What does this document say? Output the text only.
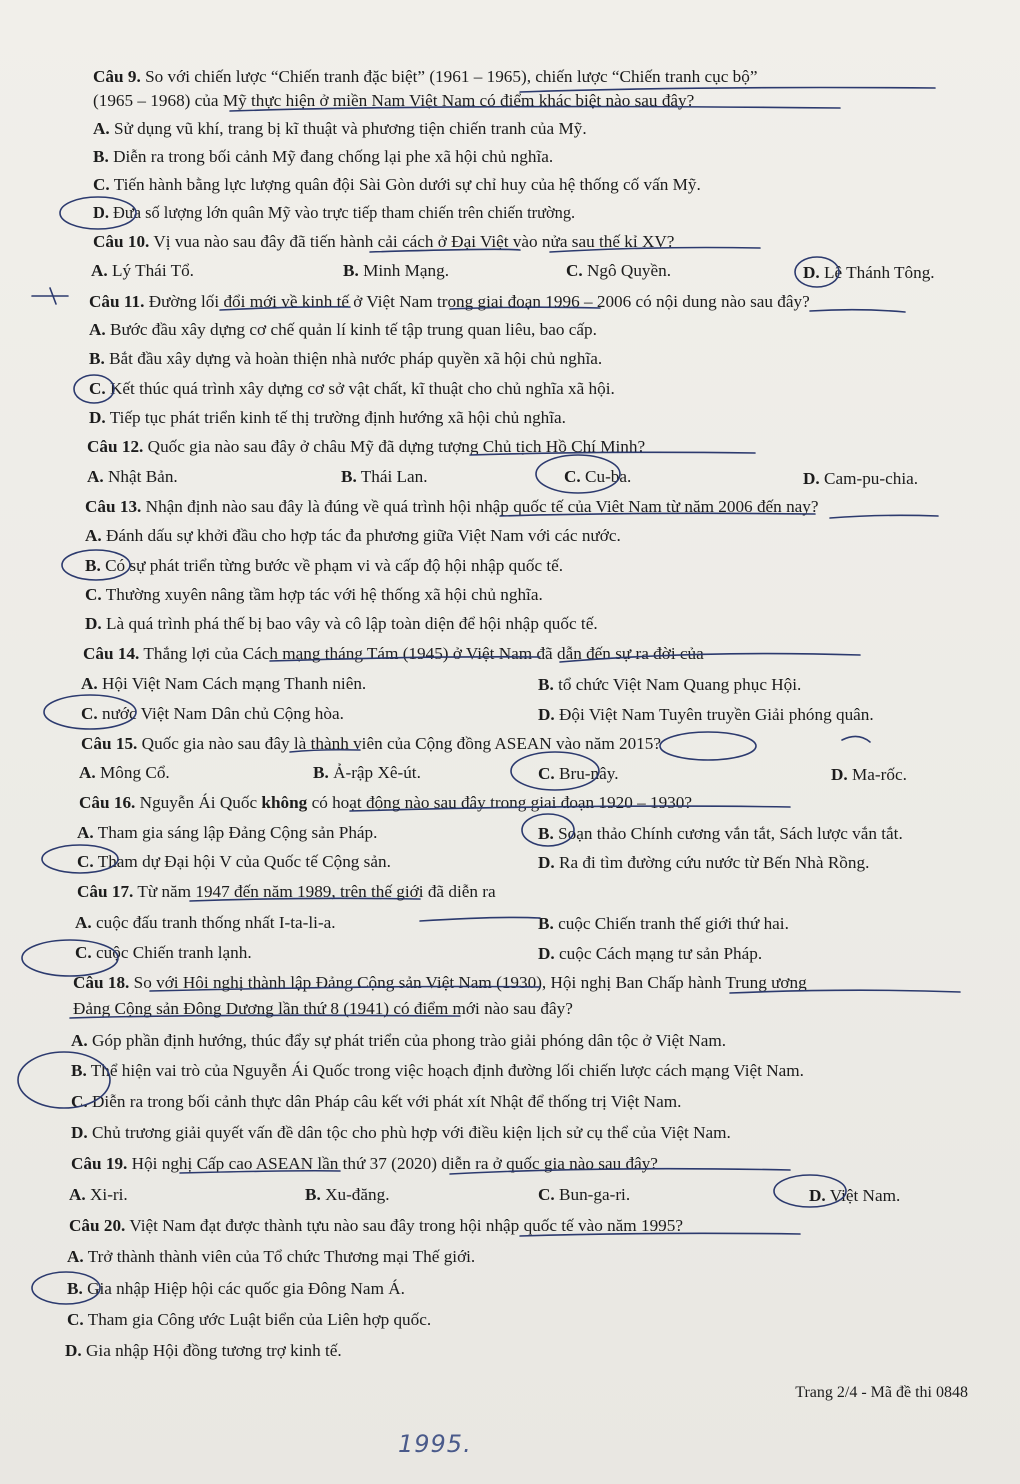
Câu 9. So với chiến lược “Chiến tranh đặc biệt” (1961 – 1965), chiến lược “Chiến tranh cục bộ”
(1965 – 1968) của Mỹ thực hiện ở miền Nam Việt Nam có điểm khác biệt nào sau đây?
A. Sử dụng vũ khí, trang bị kĩ thuật và phương tiện chiến tranh của Mỹ.
B. Diễn ra trong bối cảnh Mỹ đang chống lại phe xã hội chủ nghĩa.
C. Tiến hành bằng lực lượng quân đội Sài Gòn dưới sự chỉ huy của hệ thống cố vấn Mỹ.
D. Đưa số lượng lớn quân Mỹ vào trực tiếp tham chiến trên chiến trường.
Câu 10. Vị vua nào sau đây đã tiến hành cải cách ở Đại Việt vào nửa sau thế kỉ XV?
A. Lý Thái Tổ.	B. Minh Mạng.	C. Ngô Quyền.	D. Lê Thánh Tông.
Câu 11. Đường lối đổi mới về kinh tế ở Việt Nam trong giai đoạn 1996 – 2006 có nội dung nào sau đây?
A. Bước đầu xây dựng cơ chế quản lí kinh tế tập trung quan liêu, bao cấp.
B. Bắt đầu xây dựng và hoàn thiện nhà nước pháp quyền xã hội chủ nghĩa.
C. Kết thúc quá trình xây dựng cơ sở vật chất, kĩ thuật cho chủ nghĩa xã hội.
D. Tiếp tục phát triển kinh tế thị trường định hướng xã hội chủ nghĩa.
Câu 12. Quốc gia nào sau đây ở châu Mỹ đã dựng tượng Chủ tịch Hồ Chí Minh?
A. Nhật Bản.	B. Thái Lan.	C. Cu-ba.	D. Cam-pu-chia.
Câu 13. Nhận định nào sau đây là đúng về quá trình hội nhập quốc tế của Việt Nam từ năm 2006 đến nay?
A. Đánh dấu sự khởi đầu cho hợp tác đa phương giữa Việt Nam với các nước.
B. Có sự phát triển từng bước về phạm vi và cấp độ hội nhập quốc tế.
C. Thường xuyên nâng tầm hợp tác với hệ thống xã hội chủ nghĩa.
D. Là quá trình phá thế bị bao vây và cô lập toàn diện để hội nhập quốc tế.
Câu 14. Thắng lợi của Cách mạng tháng Tám (1945) ở Việt Nam đã dẫn đến sự ra đời của
A. Hội Việt Nam Cách mạng Thanh niên.	B. tổ chức Việt Nam Quang phục Hội.
C. nước Việt Nam Dân chủ Cộng hòa.	D. Đội Việt Nam Tuyên truyền Giải phóng quân.
Câu 15. Quốc gia nào sau đây là thành viên của Cộng đồng ASEAN vào năm 2015?
A. Mông Cổ.	B. Ả-rập Xê-út.	C. Bru-nây.	D. Ma-rốc.
Câu 16. Nguyễn Ái Quốc không có hoạt động nào sau đây trong giai đoạn 1920 – 1930?
A. Tham gia sáng lập Đảng Cộng sản Pháp.	B. Soạn thảo Chính cương vắn tắt, Sách lược vắn tắt.
C. Tham dự Đại hội V của Quốc tế Cộng sản.	D. Ra đi tìm đường cứu nước từ Bến Nhà Rồng.
Câu 17. Từ năm 1947 đến năm 1989, trên thế giới đã diễn ra
A. cuộc đấu tranh thống nhất I-ta-li-a.	B. cuộc Chiến tranh thế giới thứ hai.
C. cuộc Chiến tranh lạnh.	D. cuộc Cách mạng tư sản Pháp.
Câu 18. So với Hội nghị thành lập Đảng Cộng sản Việt Nam (1930), Hội nghị Ban Chấp hành Trung ương
Đảng Cộng sản Đông Dương lần thứ 8 (1941) có điểm mới nào sau đây?
A. Góp phần định hướng, thúc đẩy sự phát triển của phong trào giải phóng dân tộc ở Việt Nam.
B. Thể hiện vai trò của Nguyễn Ái Quốc trong việc hoạch định đường lối chiến lược cách mạng Việt Nam.
C. Diễn ra trong bối cảnh thực dân Pháp câu kết với phát xít Nhật để thống trị Việt Nam.
D. Chủ trương giải quyết vấn đề dân tộc cho phù hợp với điều kiện lịch sử cụ thể của Việt Nam.
Câu 19. Hội nghị Cấp cao ASEAN lần thứ 37 (2020) diễn ra ở quốc gia nào sau đây?
A. Xi-ri.	B. Xu-đăng.	C. Bun-ga-ri.	D. Việt Nam.
Câu 20. Việt Nam đạt được thành tựu nào sau đây trong hội nhập quốc tế vào năm 1995?
A. Trở thành thành viên của Tổ chức Thương mại Thế giới.
B. Gia nhập Hiệp hội các quốc gia Đông Nam Á.
C. Tham gia Công ước Luật biển của Liên hợp quốc.
D. Gia nhập Hội đồng tương trợ kinh tế.
Trang 2/4 - Mã đề thi 0848
1995.
